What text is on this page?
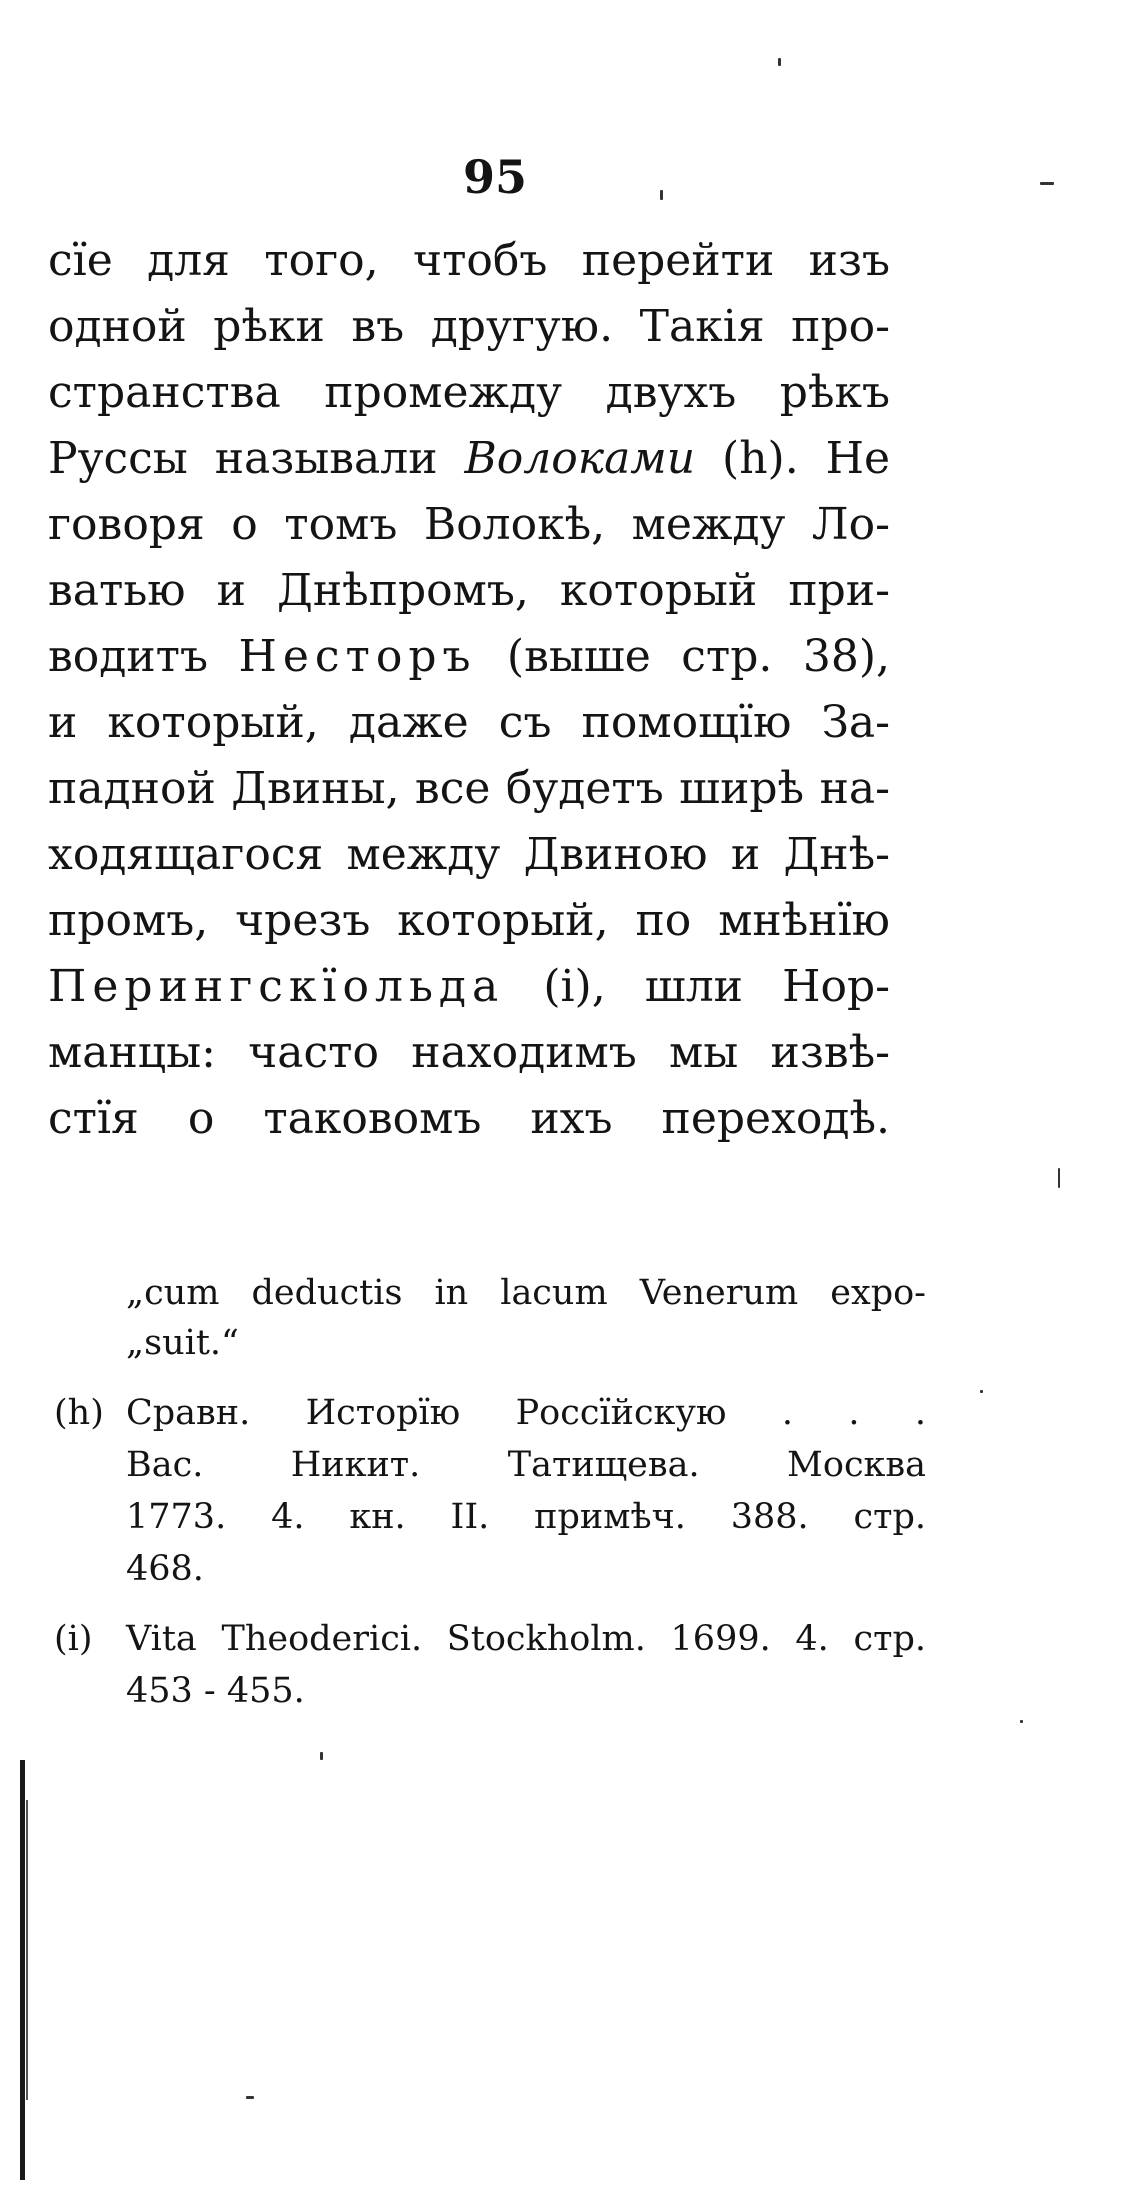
95
сїе для того, чтобъ перейти изъ
одной рѣки въ другую. Такія про-
странства промежду двухъ рѣкъ
Руссы называли Волоками (h). Не
говоря о томъ Волокѣ, между Ло-
ватью и Днѣпромъ, который при-
водитъ Несторъ (выше стр. 38),
и который, даже съ помощїю За-
падной Двины, все будетъ ширѣ на-
ходящагося между Двиною и Днѣ-
промъ, чрезъ который, по мнѣнїю
Перингскїольда (i), шли Нор-
манцы: часто находимъ мы извѣ-
стїя о таковомъ ихъ переходѣ.
„cum deductis in lacum Venerum expo-
„suit.“
(h) Сравн. Исторїю Россїйскую . . .
Вас. Никит. Татищева. Москва
1773. 4. кн. II. примѣч. 388. стр.
468.
(i) Vita Theoderici. Stockholm. 1699. 4. стр.
453 - 455.
